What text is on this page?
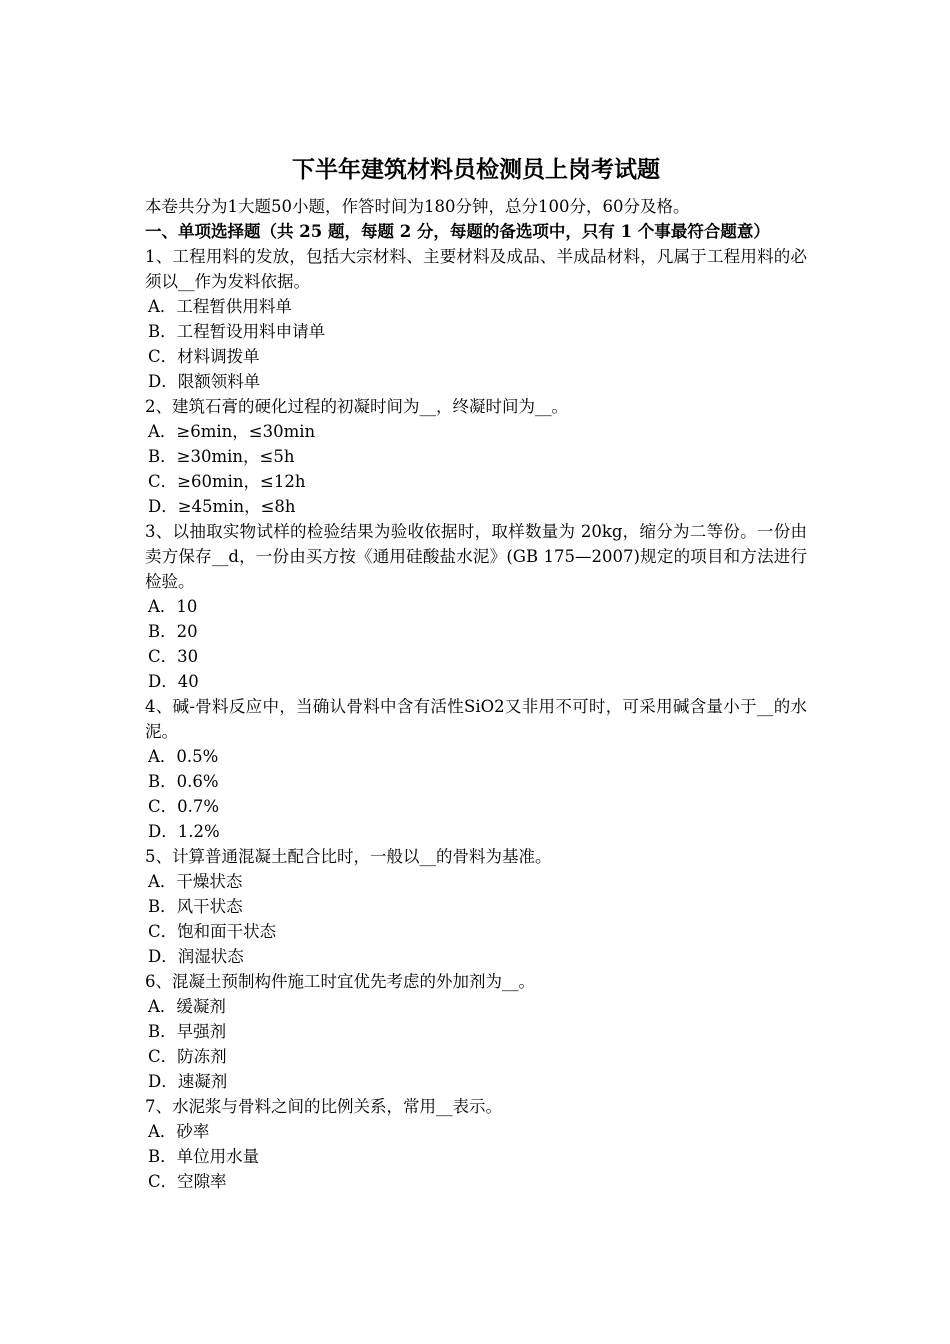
下半年建筑材料员检测员上岗考试题

本卷共分为1大题50小题，作答时间为180分钟，总分100分，60分及格。

一、单项选择题（共 25 题，每题 2 分，每题的备选项中，只有 1 个事最符合题意）

1、工程用料的发放，包括大宗材料、主要材料及成品、半成品材料，凡属于工程用料的必须以__作为发料依据。

A．工程暂供用料单
B．工程暂设用料申请单
C．材料调拨单
D．限额领料单

2、建筑石膏的硬化过程的初凝时间为__，终凝时间为__。

A．≥6min，≤30min
B．≥30min，≤5h
C．≥60min，≤12h
D．≥45min，≤8h

3、以抽取实物试样的检验结果为验收依据时，取样数量为 20kg，缩分为二等份。一份由卖方保存__d，一份由买方按《通用硅酸盐水泥》(GB 175—2007)规定的项目和方法进行检验。

A．10
B．20
C．30
D．40

4、碱-骨料反应中，当确认骨料中含有活性SiO2又非用不可时，可采用碱含量小于__的水泥。

A．0.5%
B．0.6%
C．0.7%
D．1.2%

5、计算普通混凝土配合比时，一般以__的骨料为基准。

A．干燥状态
B．风干状态
C．饱和面干状态
D．润湿状态

6、混凝土预制构件施工时宜优先考虑的外加剂为__。

A．缓凝剂
B．早强剂
C．防冻剂
D．速凝剂

7、水泥浆与骨料之间的比例关系，常用__表示。

A．砂率
B．单位用水量
C．空隙率
